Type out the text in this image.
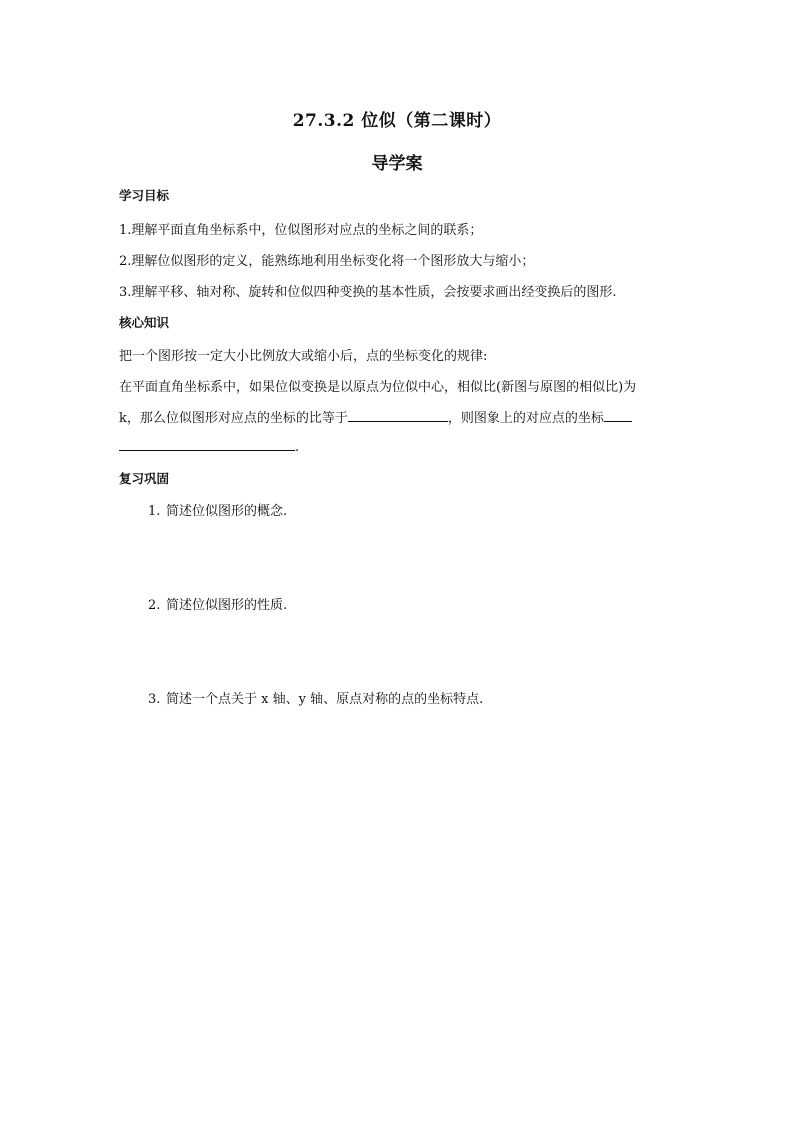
27.3.2 位似（第二课时）
导学案
学习目标
1.理解平面直角坐标系中，位似图形对应点的坐标之间的联系；
2.理解位似图形的定义，能熟练地利用坐标变化将一个图形放大与缩小；
3.理解平移、轴对称、旋转和位似四种变换的基本性质，会按要求画出经变换后的图形.
核心知识
把一个图形按一定大小比例放大或缩小后，点的坐标变化的规律:
在平面直角坐标系中，如果位似变换是以原点为位似中心，相似比(新图与原图的相似比)为
k，那么位似图形对应点的坐标的比等于	，则图象上的对应点的坐标
.
复习巩固
1. 简述位似图形的概念.
2. 简述位似图形的性质.
3. 简述一个点关于 x 轴、y 轴、原点对称的点的坐标特点.
